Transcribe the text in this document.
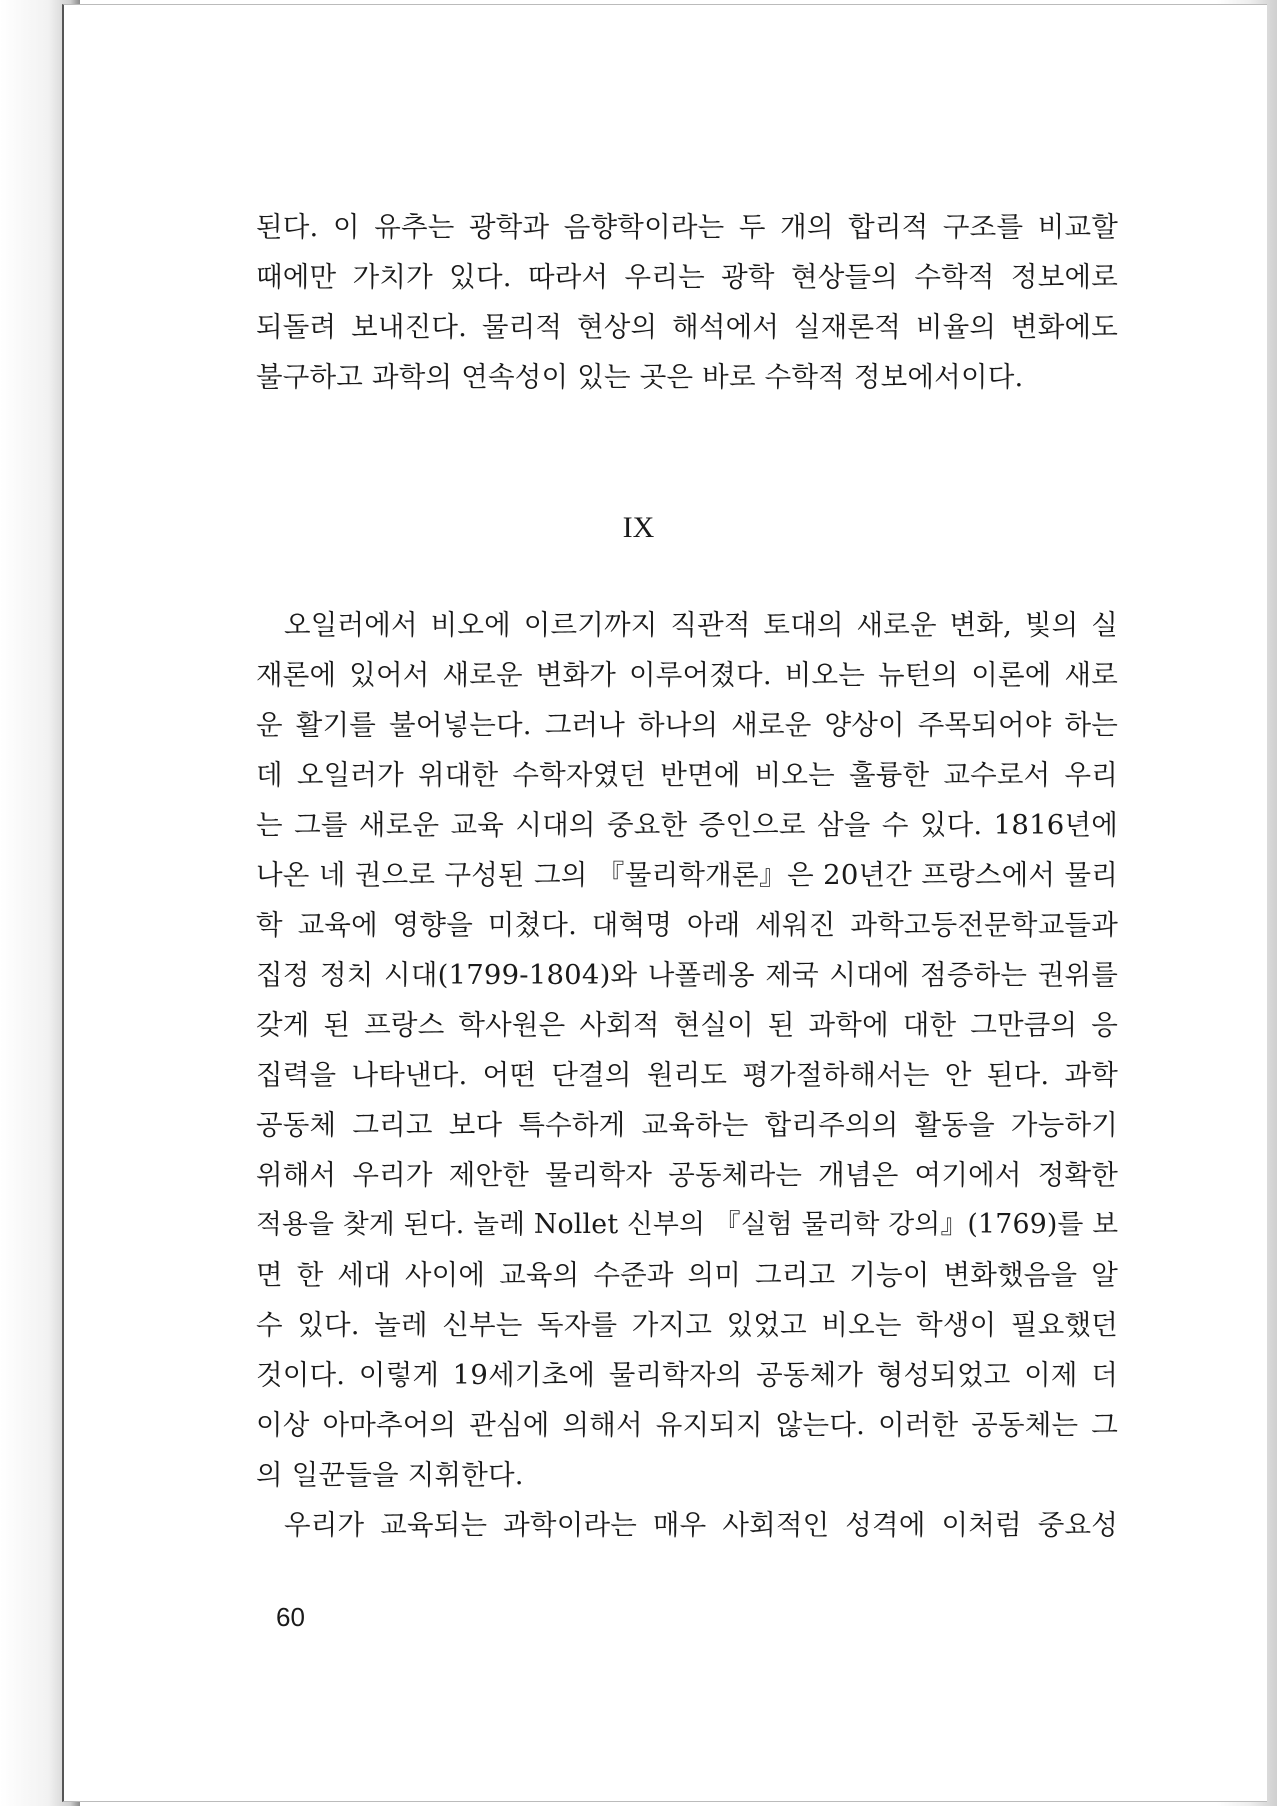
된다. 이 유추는 광학과 음향학이라는 두 개의 합리적 구조를 비교할
때에만 가치가 있다. 따라서 우리는 광학 현상들의 수학적 정보에로
되돌려 보내진다. 물리적 현상의 해석에서 실재론적 비율의 변화에도
불구하고 과학의 연속성이 있는 곳은 바로 수학적 정보에서이다.
IX
오일러에서 비오에 이르기까지 직관적 토대의 새로운 변화, 빛의 실
재론에 있어서 새로운 변화가 이루어졌다. 비오는 뉴턴의 이론에 새로
운 활기를 불어넣는다. 그러나 하나의 새로운 양상이 주목되어야 하는
데 오일러가 위대한 수학자였던 반면에 비오는 훌륭한 교수로서 우리
는 그를 새로운 교육 시대의 중요한 증인으로 삼을 수 있다. 1816년에
나온 네 권으로 구성된 그의 『물리학개론』은 20년간 프랑스에서 물리
학 교육에 영향을 미쳤다. 대혁명 아래 세워진 과학고등전문학교들과
집정 정치 시대(1799-1804)와 나폴레옹 제국 시대에 점증하는 권위를
갖게 된 프랑스 학사원은 사회적 현실이 된 과학에 대한 그만큼의 응
집력을 나타낸다. 어떤 단결의 원리도 평가절하해서는 안 된다. 과학
공동체 그리고 보다 특수하게 교육하는 합리주의의 활동을 가능하기
위해서 우리가 제안한 물리학자 공동체라는 개념은 여기에서 정확한
적용을 찾게 된다. 놀레 Nollet 신부의 『실험 물리학 강의』(1769)를 보
면 한 세대 사이에 교육의 수준과 의미 그리고 기능이 변화했음을 알
수 있다. 놀레 신부는 독자를 가지고 있었고 비오는 학생이 필요했던
것이다. 이렇게 19세기초에 물리학자의 공동체가 형성되었고 이제 더
이상 아마추어의 관심에 의해서 유지되지 않는다. 이러한 공동체는 그
의 일꾼들을 지휘한다.
우리가 교육되는 과학이라는 매우 사회적인 성격에 이처럼 중요성
60
